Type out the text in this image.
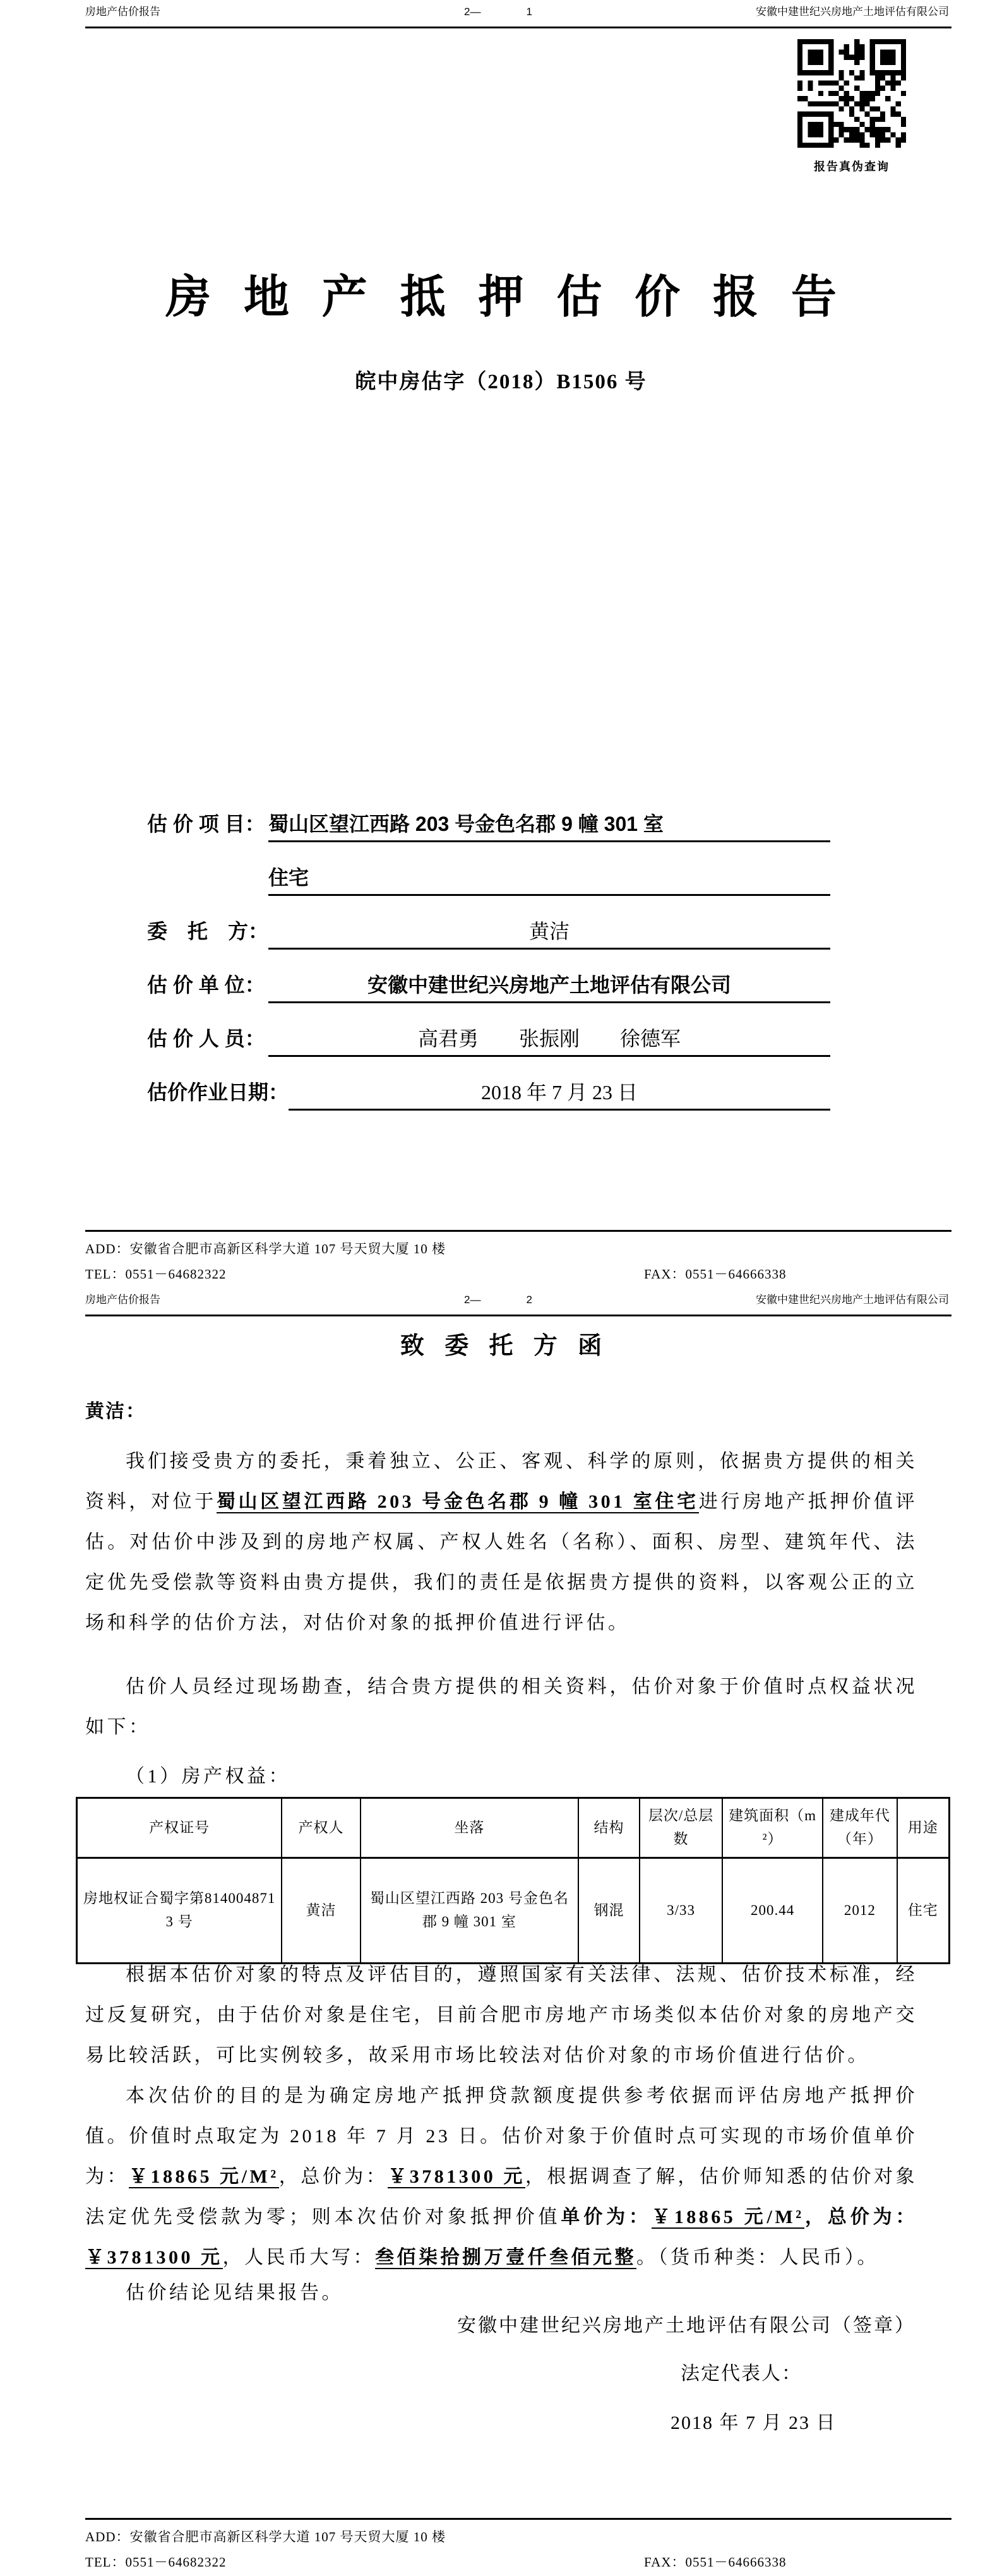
房地产估价报告	2—	1	安徽中建世纪兴房地产土地评估有限公司
报告真伪查询
房地产抵押估价报告
皖中房估字（2018）B1506 号
估 价 项 目： 蜀山区望江西路 203 号金色名郡 9 幢 301 室
住宅
委　托　方：	黄洁
估 价 单 位：	安徽中建世纪兴房地产土地评估有限公司
估 价 人 员：	高君勇　　张振刚　　徐德军
估价作业日期：	2018 年 7 月 23 日
ADD：安徽省合肥市高新区科学大道 107 号天贸大厦 10 楼
TEL：0551－64682322	FAX：0551－64666338
房地产估价报告	2—	2	安徽中建世纪兴房地产土地评估有限公司
致委托方函
黄洁：

我们接受贵方的委托，秉着独立、公正、客观、科学的原则，依据贵方提供的相关资料，对位于蜀山区望江西路 203 号金色名郡 9 幢 301 室住宅进行房地产抵押价值评估。对估价中涉及到的房地产权属、产权人姓名（名称）、面积、房型、建筑年代、法定优先受偿款等资料由贵方提供，我们的责任是依据贵方提供的资料，以客观公正的立场和科学的估价方法，对估价对象的抵押价值进行评估。

估价人员经过现场勘查，结合贵方提供的相关资料，估价对象于价值时点权益状况如下：

（1）房产权益：

产权证号	产权人	坐落	结构	层次/总层数	建筑面积（m²）	建成年代（年）	用途
房地权证合蜀字第8140048713 号	黄洁	蜀山区望江西路 203 号金色名郡 9 幢 301 室	钢混	3/33	200.44	2012	住宅

根据本估价对象的特点及评估目的，遵照国家有关法律、法规、估价技术标准，经过反复研究，由于估价对象是住宅，目前合肥市房地产市场类似本估价对象的房地产交易比较活跃，可比实例较多，故采用市场比较法对估价对象的市场价值进行估价。

本次估价的目的是为确定房地产抵押贷款额度提供参考依据而评估房地产抵押价值。价值时点取定为 2018 年 7 月 23 日。估价对象于价值时点可实现的市场价值单价为：￥18865 元/M²，总价为：￥3781300 元，根据调查了解，估价师知悉的估价对象法定优先受偿款为零；则本次估价对象抵押价值单价为：￥18865 元/M²，总价为：￥3781300 元，人民币大写：叁佰柒拾捌万壹仟叁佰元整。（货币种类：人民币）。

估价结论见结果报告。

安徽中建世纪兴房地产土地评估有限公司（签章）
法定代表人：
2018 年 7 月 23 日
ADD：安徽省合肥市高新区科学大道 107 号天贸大厦 10 楼
TEL：0551－64682322	FAX：0551－64666338
